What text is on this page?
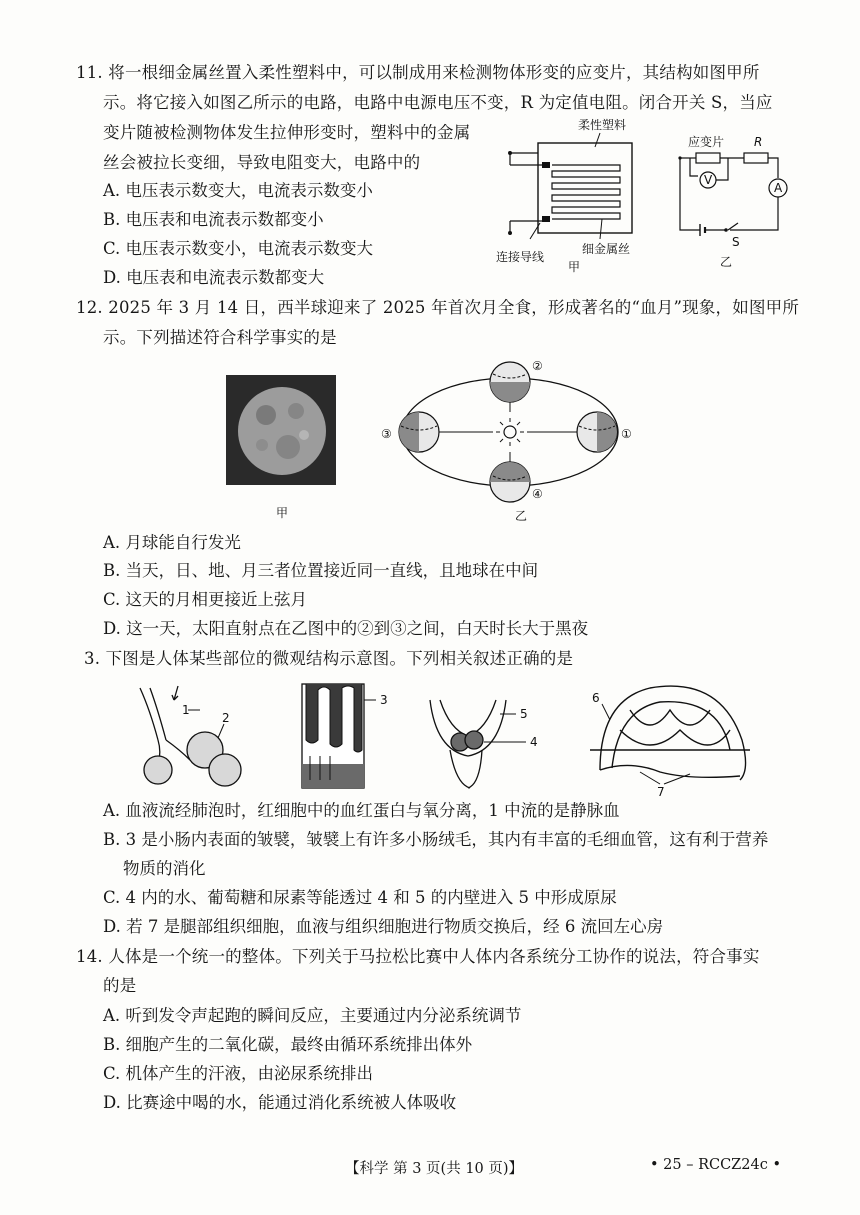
11. 将一根细金属丝置入柔性塑料中，可以制成用来检测物体形变的应变片，其结构如图甲所
示。将它接入如图乙所示的电路，电路中电源电压不变，R 为定值电阻。闭合开关 S，当应
变片随被检测物体发生拉伸形变时，塑料中的金属
丝会被拉长变细，导致电阻变大，电路中的
A. 电压表示数变大，电流表示数变小
B. 电压表和电流表示数都变小
C. 电压表示数变小，电流表示数变大
D. 电压表和电流表示数都变大
柔性塑料
连接导线
细金属丝
甲
应变片 R
V
A
S
乙
12. 2025 年 3 月 14 日，西半球迎来了 2025 年首次月全食，形成著名的“血月”现象，如图甲所
示。下列描述符合科学事实的是
甲
②
①
③
④
乙
A. 月球能自行发光
B. 当天，日、地、月三者位置接近同一直线，且地球在中间
C. 这天的月相更接近上弦月
D. 这一天，太阳直射点在乙图中的②到③之间，白天时长大于黑夜
3. 下图是人体某些部位的微观结构示意图。下列相关叙述正确的是
1
2
3
5
4
6
7
A. 血液流经肺泡时，红细胞中的血红蛋白与氧分离，1 中流的是静脉血
B. 3 是小肠内表面的皱襞，皱襞上有许多小肠绒毛，其内有丰富的毛细血管，这有利于营养
物质的消化
C. 4 内的水、葡萄糖和尿素等能透过 4 和 5 的内壁进入 5 中形成原尿
D. 若 7 是腿部组织细胞，血液与组织细胞进行物质交换后，经 6 流回左心房
14. 人体是一个统一的整体。下列关于马拉松比赛中人体内各系统分工协作的说法，符合事实
的是
A. 听到发令声起跑的瞬间反应，主要通过内分泌系统调节
B. 细胞产生的二氧化碳，最终由循环系统排出体外
C. 机体产生的汗液，由泌尿系统排出
D. 比赛途中喝的水，能通过消化系统被人体吸收
【科学 第 3 页(共 10 页)】	• 25 – RCCZ24c •
